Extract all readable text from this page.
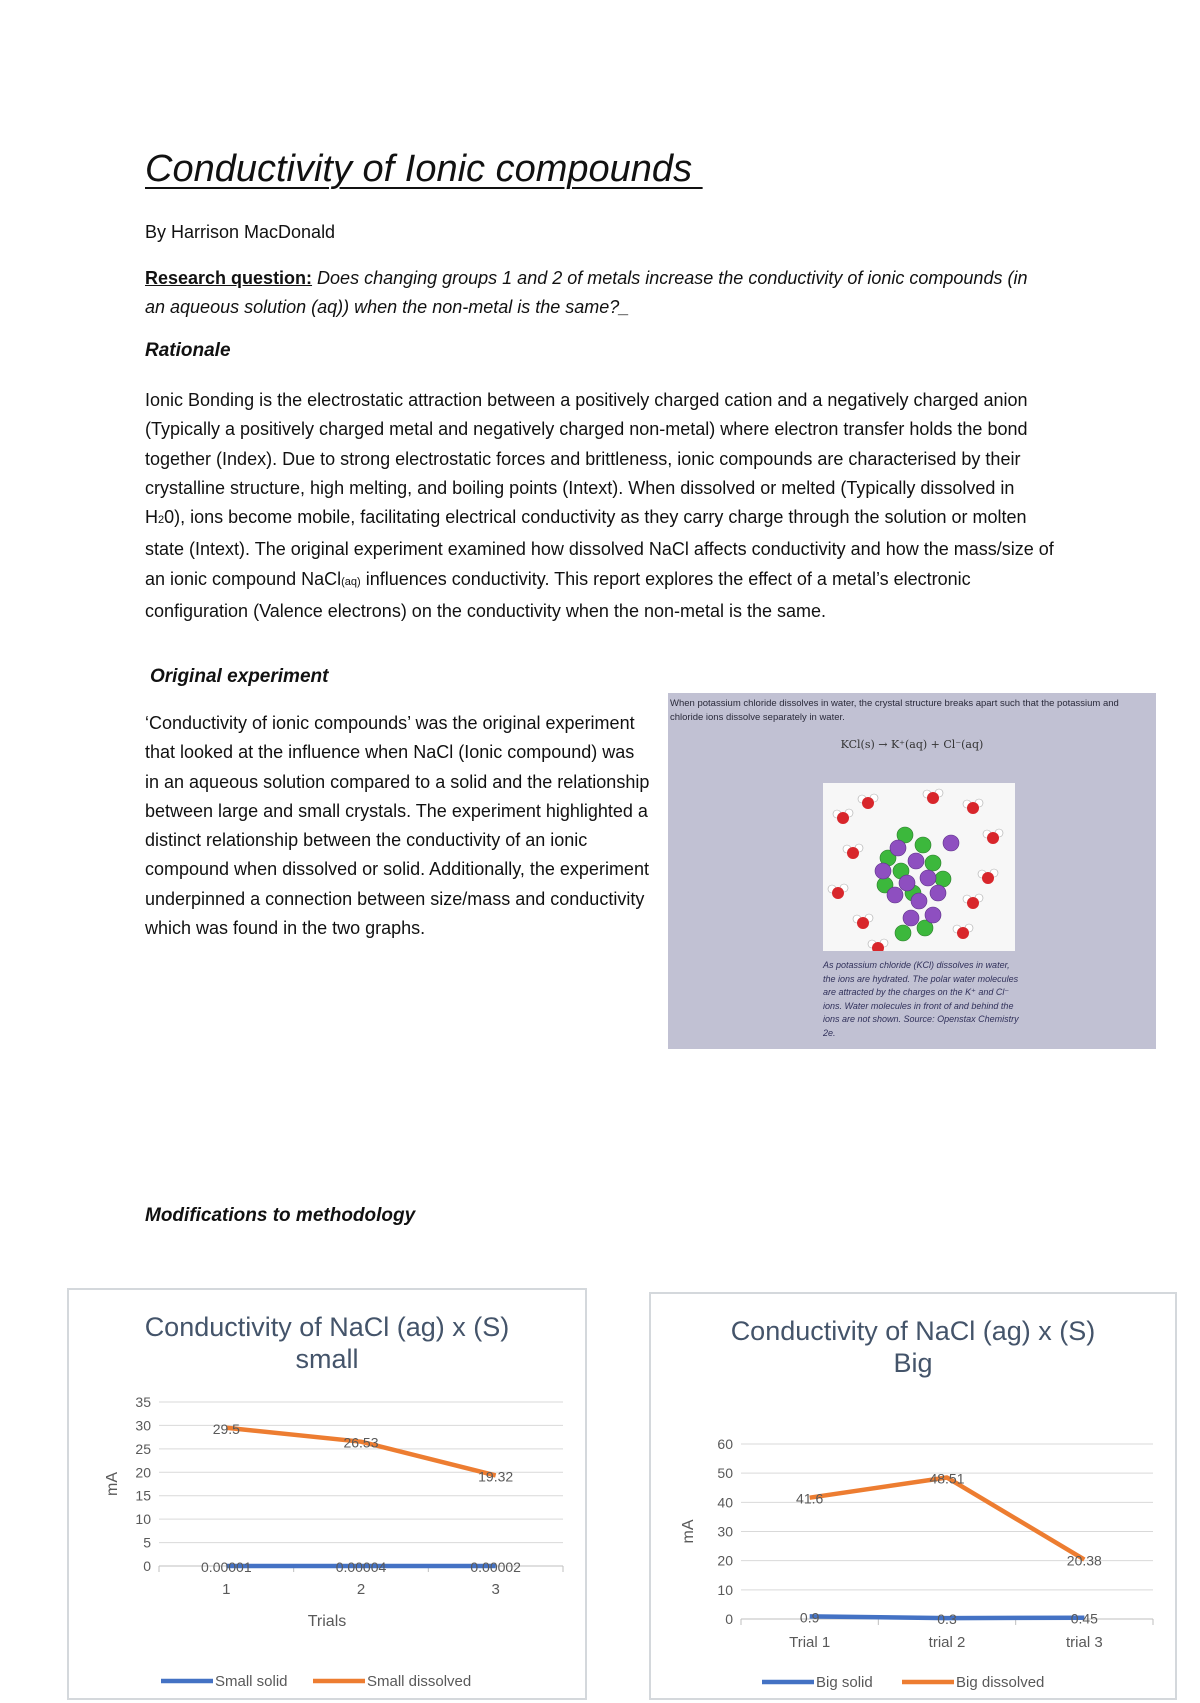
Conductivity of Ionic compounds
By Harrison MacDonald
Research question: Does changing groups 1 and 2 of metals increase the conductivity of ionic compounds (in an aqueous solution (aq)) when the non-metal is the same?_
Rationale
Ionic Bonding is the electrostatic attraction between a positively charged cation and a negatively charged anion (Typically a positively charged metal and negatively charged non-metal) where electron transfer holds the bond together (Index). Due to strong electrostatic forces and brittleness, ionic compounds are characterised by their crystalline structure, high melting, and boiling points (Intext). When dissolved or melted (Typically dissolved in H20), ions become mobile, facilitating electrical conductivity as they carry charge through the solution or molten state (Intext). The original experiment examined how dissolved NaCl affects conductivity and how the mass/size of an ionic compound NaCl(aq) influences conductivity. This report explores the effect of a metal’s electronic configuration (Valence electrons) on the conductivity when the non-metal is the same.
Original experiment
‘Conductivity of ionic compounds’ was the original experiment that looked at the influence when NaCl (Ionic compound) was in an aqueous solution compared to a solid and the relationship between large and small crystals. The experiment highlighted a distinct relationship between the conductivity of an ionic compound when dissolved or solid. Additionally, the experiment underpinned a connection between size/mass and conductivity which was found in the two graphs.
When potassium chloride dissolves in water, the crystal structure breaks apart such that the potassium and chloride ions dissolve separately in water.
KCl(s) → K⁺(aq) + Cl⁻(aq)
As potassium chloride (KCl) dissolves in water, the ions are hydrated. The polar water molecules are attracted by the charges on the K⁺ and Cl⁻ ions. Water molecules in front of and behind the ions are not shown. Source: Openstax Chemistry 2e.
Modifications to methodology
Conductivity of NaCl (ag) x (S)
small
0
5
10
15
20
25
30
35
1	2	3
Trials
mA
0.00001	0.00004	0.00002
29.5
26.53
19.32
Small solid	Small dissolved
Conductivity of NaCl (ag) x (S)
Big
0
10
20
30
40
50
60
Trial 1	trial 2	trial 3
mA
0.9	0.3	0.45
41.6
48.51
20.38
Big solid	Big dissolved
